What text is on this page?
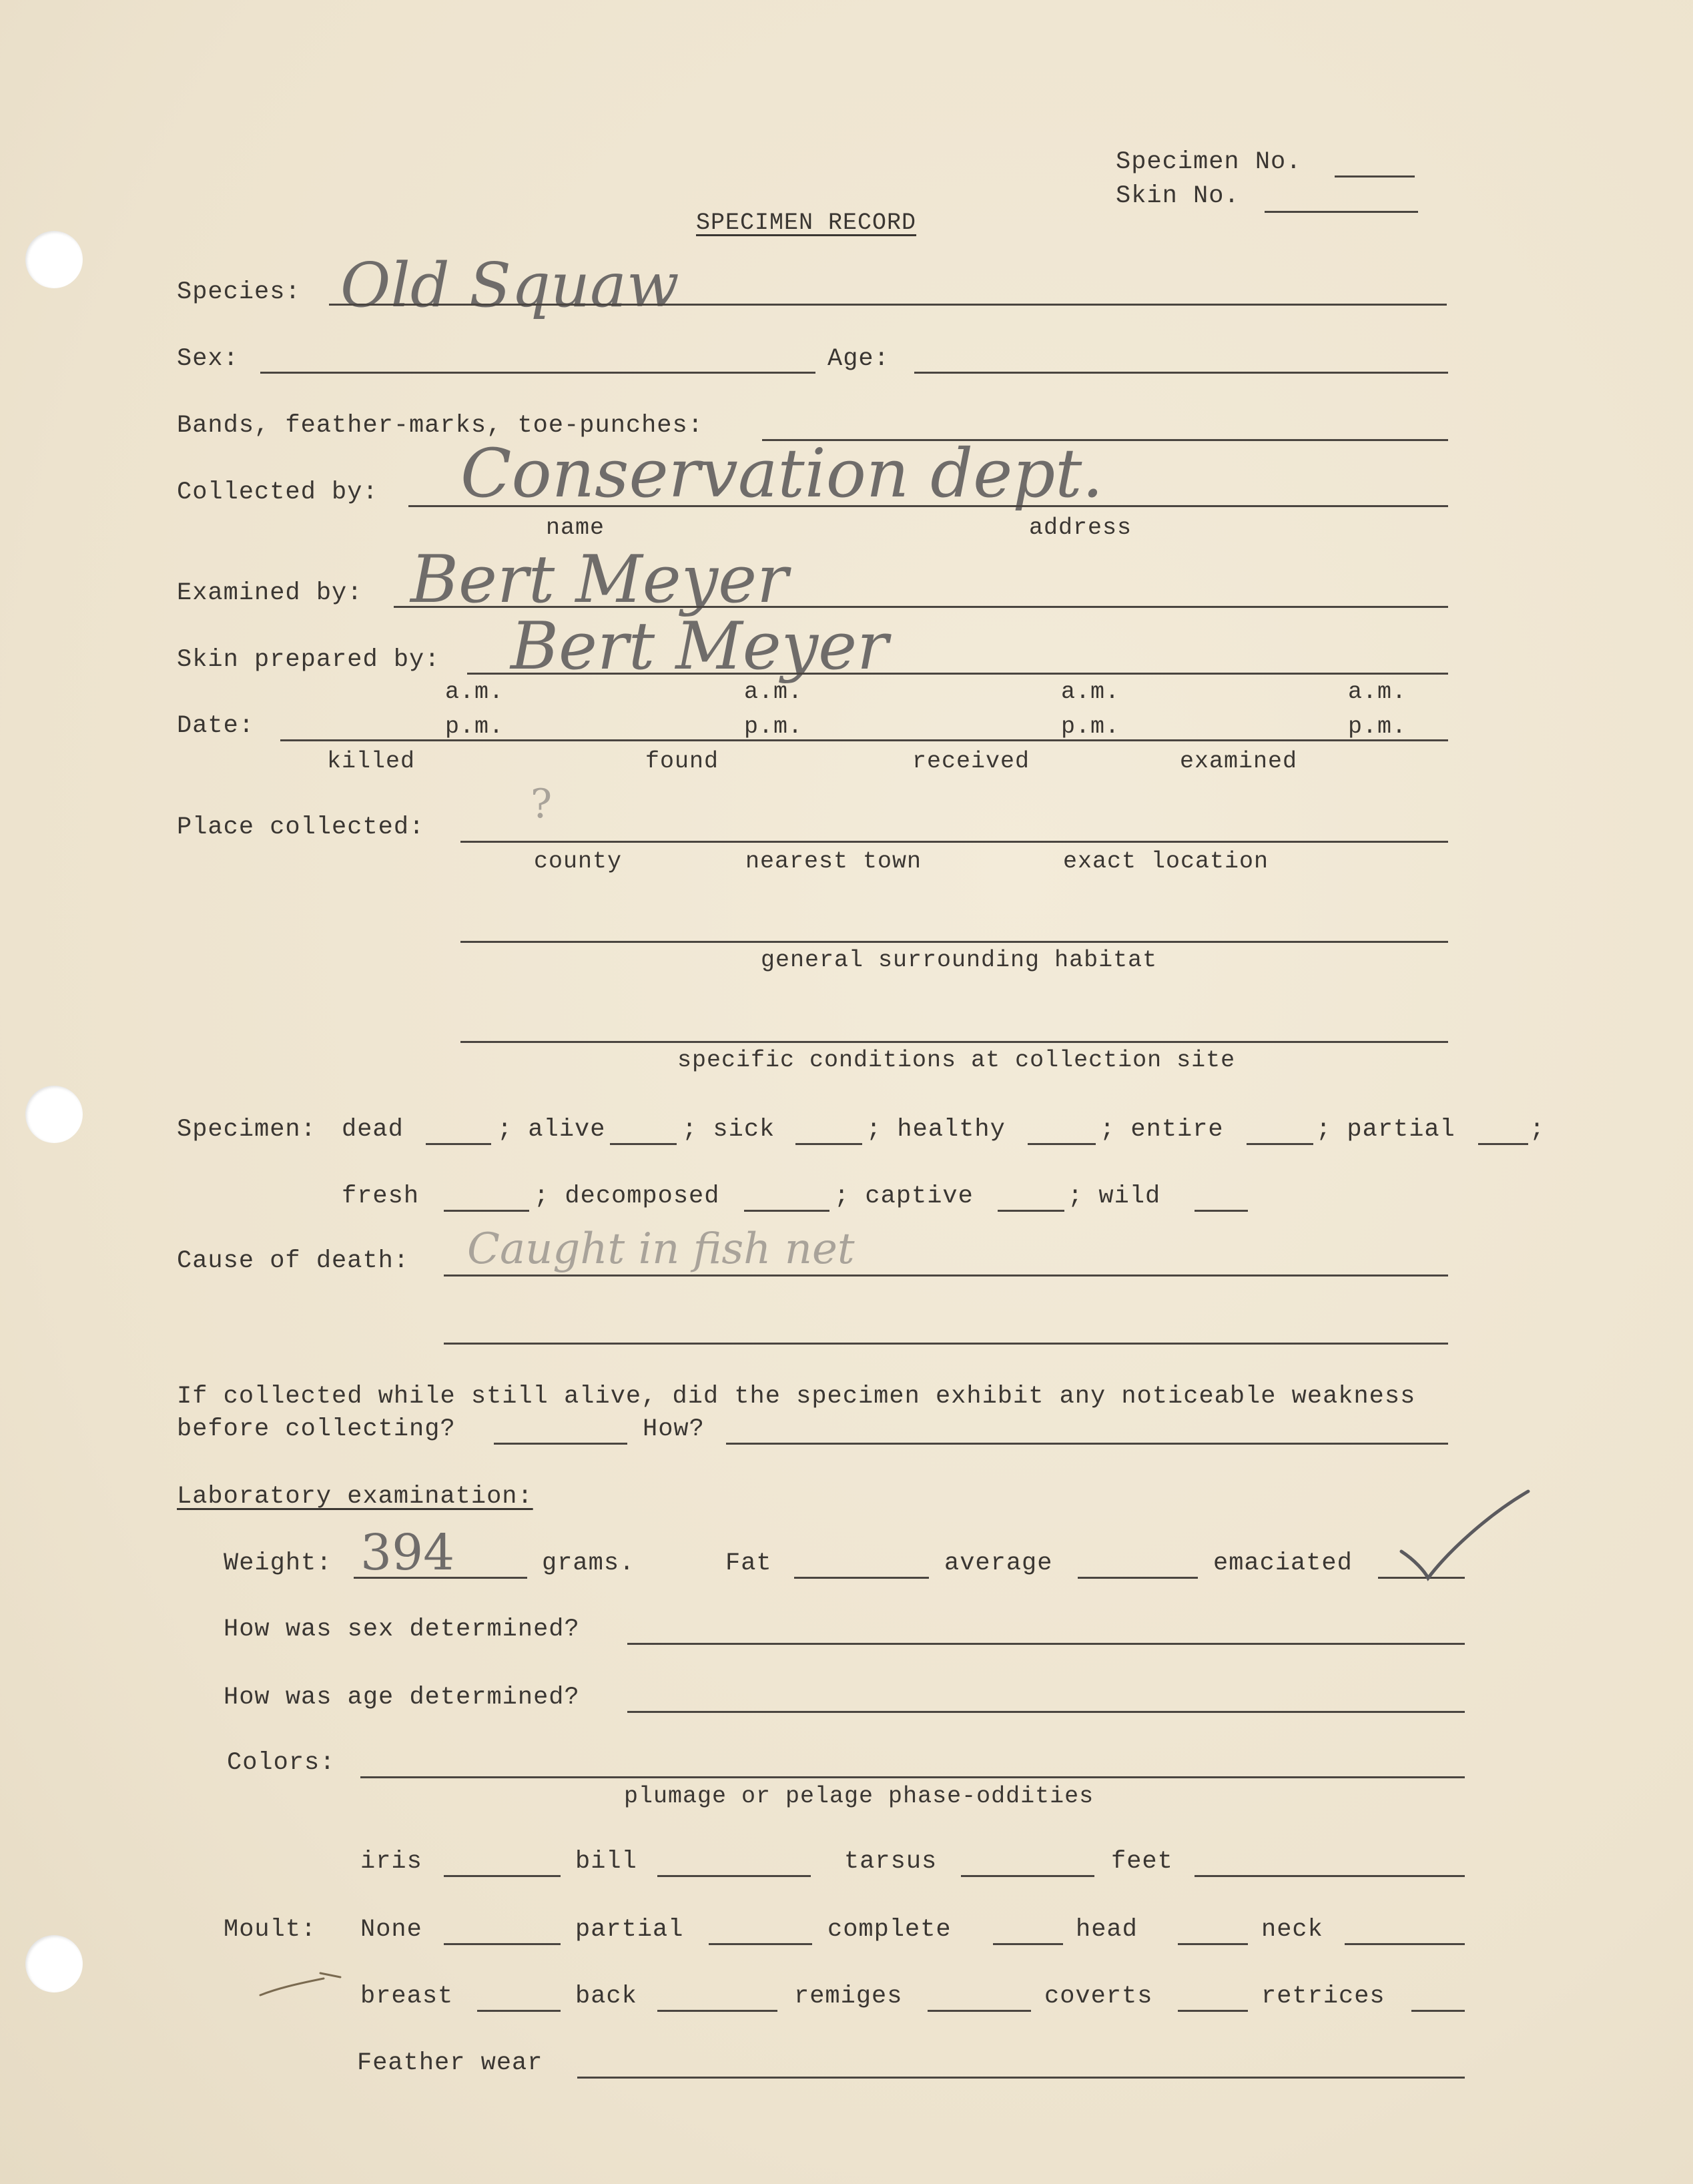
Specimen No.
Skin No.
SPECIMEN RECORD
Species: Old Squaw
Sex:	Age:
Bands, feather-marks, toe-punches:
Collected by: Conservation dept.
name	address
Examined by: Bert Meyer
Skin prepared by: Bert Meyer
a.m.	a.m.	a.m.	a.m.
Date:	p.m.	p.m.	p.m.	p.m.
killed	found	received	examined
Place collected:	?
county	nearest town	exact location
general surrounding habitat
specific conditions at collection site
Specimen: dead	; alive	; sick	; healthy	; entire	; partial	;
fresh	; decomposed	; captive	; wild
Cause of death: Caught in fish net
If collected while still alive, did the specimen exhibit any noticeable weakness
before collecting?	How?
Laboratory examination:
Weight: 394	grams.	Fat	average	emaciated
How was sex determined?
How was age determined?
Colors:
plumage or pelage phase-oddities
iris	bill	tarsus	feet
Moult: None	partial	complete	head	neck
breast	back	remiges	coverts	retrices
Feather wear
